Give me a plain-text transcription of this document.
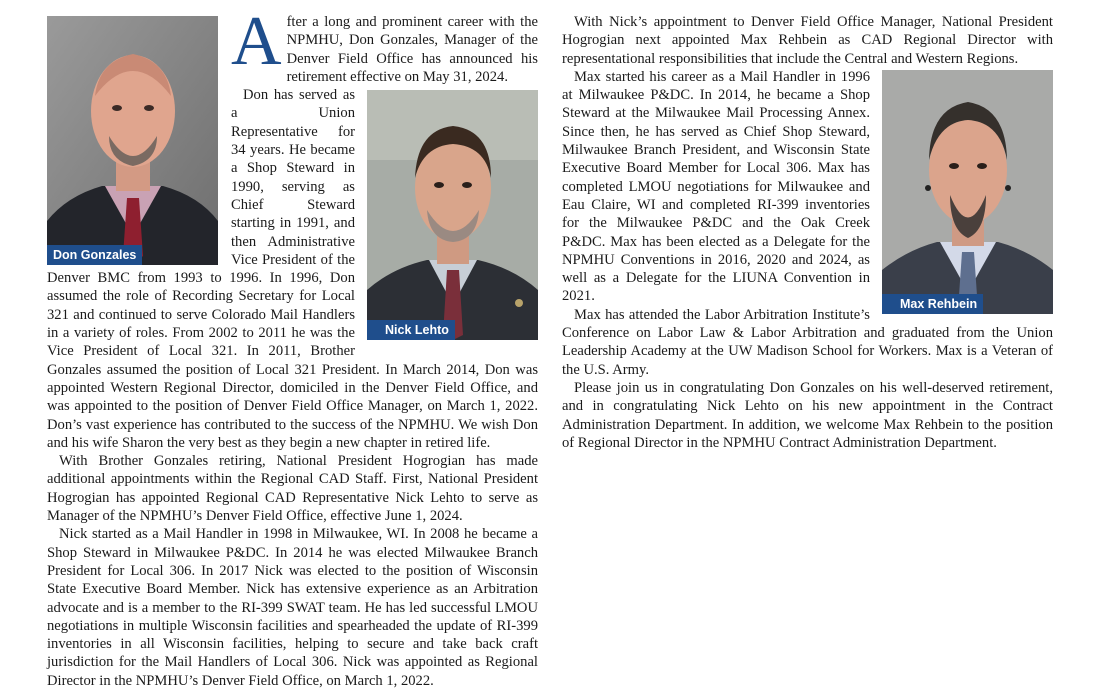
Don Gonzales

After a long and prominent career with the NPMHU, Don Gonzales, Manager of the Denver Field Office has announced his retirement effective on May 31, 2024.

Nick Lehto
Don has served as a Union Representative for 34 years. He became a Shop Steward in 1990, serving as Chief Steward starting in 1991, and then Administrative Vice President of the Denver BMC from 1993 to 1996. In 1996, Don assumed the role of Recording Secretary for Local 321 and continued to serve Colorado Mail Handlers in a variety of roles. From 2002 to 2011 he was the Vice President of Local 321. In 2011, Brother Gonzales assumed the position of Local 321 President. In March 2014, Don was appointed Western Regional Director, domiciled in the Denver Field Office, and was appointed to the position of Denver Field Office Manager, on March 1, 2022. Don’s vast experience has contributed to the success of the NPMHU. We wish Don and his wife Sharon the very best as they begin a new chapter in retired life.

With Brother Gonzales retiring, National President Hogrogian has made additional appointments within the Regional CAD Staff. First, National President Hogrogian has appointed Regional CAD Representative Nick Lehto to serve as Manager of the NPMHU’s Denver Field Office, effective June 1, 2024.

Nick started as a Mail Handler in 1998 in Milwaukee, WI. In 2008 he became a Shop Steward in Milwaukee P&DC. In 2014 he was elected Milwaukee Branch President for Local 306. In 2017 Nick was elected to the position of Wisconsin State Executive Board Member. Nick has extensive experience as an Arbitration advocate and is a member to the RI-399 SWAT team. He has led successful LMOU negotiations in multiple Wisconsin facilities and spearheaded the update of RI-399 inventories in all Wisconsin facilities, helping to secure and take back craft jurisdiction for the Mail Handlers of Local 306. Nick was appointed as Regional Director in the NPMHU’s Denver Field Office, on March 1, 2022.

With Nick’s appointment to Denver Field Office Manager, National President Hogrogian next appointed Max Rehbein as CAD Regional Director with representational responsibilities that include the Central and Western Regions.

Max Rehbein
Max started his career as a Mail Handler in 1996 at Milwaukee P&DC. In 2014, he became a Shop Steward at the Milwaukee Mail Processing Annex. Since then, he has served as Chief Shop Steward, Milwaukee Branch President, and Wisconsin State Executive Board Member for Local 306. Max has completed LMOU negotiations for Milwaukee and Eau Claire, WI and completed RI-399 inventories for the Milwaukee P&DC and the Oak Creek P&DC. Max has been elected as a Delegate for the NPMHU Conventions in 2016, 2020 and 2024, as well as a Delegate for the LIUNA Convention in 2021.

Max has attended the Labor Arbitration Institute’s Conference on Labor Law & Labor Arbitration and graduated from the Union Leadership Academy at the UW Madison School for Workers. Max is a Veteran of the U.S. Army.

Please join us in congratulating Don Gonzales on his well-deserved retirement, and in congratulating Nick Lehto on his new appointment in the Contract Administration Department. In addition, we welcome Max Rehbein to the position of Regional Director in the NPMHU Contract Administration Department.
